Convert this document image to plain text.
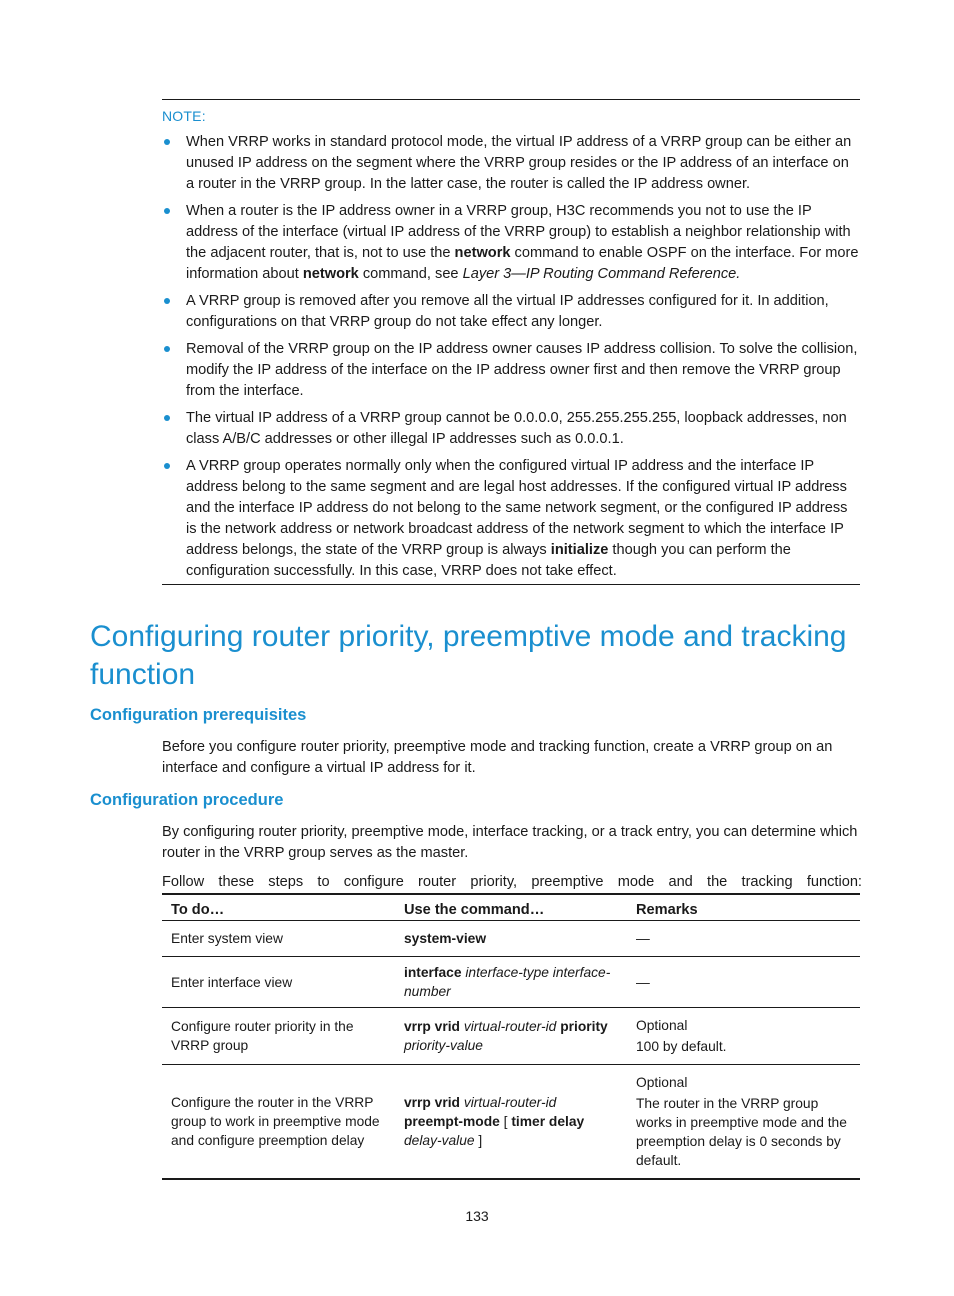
NOTE:
When VRRP works in standard protocol mode, the virtual IP address of a VRRP group can be either an unused IP address on the segment where the VRRP group resides or the IP address of an interface on a router in the VRRP group. In the latter case, the router is called the IP address owner.
When a router is the IP address owner in a VRRP group, H3C recommends you not to use the IP address of the interface (virtual IP address of the VRRP group) to establish a neighbor relationship with the adjacent router, that is, not to use the network command to enable OSPF on the interface. For more information about network command, see Layer 3—IP Routing Command Reference.
A VRRP group is removed after you remove all the virtual IP addresses configured for it. In addition, configurations on that VRRP group do not take effect any longer.
Removal of the VRRP group on the IP address owner causes IP address collision. To solve the collision, modify the IP address of the interface on the IP address owner first and then remove the VRRP group from the interface.
The virtual IP address of a VRRP group cannot be 0.0.0.0, 255.255.255.255, loopback addresses, non class A/B/C addresses or other illegal IP addresses such as 0.0.0.1.
A VRRP group operates normally only when the configured virtual IP address and the interface IP address belong to the same segment and are legal host addresses. If the configured virtual IP address and the interface IP address do not belong to the same network segment, or the configured IP address is the network address or network broadcast address of the network segment to which the interface IP address belongs, the state of the VRRP group is always initialize though you can perform the configuration successfully. In this case, VRRP does not take effect.
Configuring router priority, preemptive mode and tracking function
Configuration prerequisites

Before you configure router priority, preemptive mode and tracking function, create a VRRP group on an interface and configure a virtual IP address for it.

Configuration procedure

By configuring router priority, preemptive mode, interface tracking, or a track entry, you can determine which router in the VRRP group serves as the master.

Follow these steps to configure router priority, preemptive mode and the tracking function:

To do…	Use the command…	Remarks
Enter system view	system-view	—

Enter interface view	interface interface-type interface-number	—

Configure router priority in the VRRP group	vrrp vrid virtual-router-id priority priority-value	Optional
100 by default.

Configure the router in the VRRP group to work in preemptive mode and configure preemption delay	vrrp vrid virtual-router-id preempt-mode [ timer delay delay-value ]	Optional
The router in the VRRP group works in preemptive mode and the preemption delay is 0 seconds by default.
133
